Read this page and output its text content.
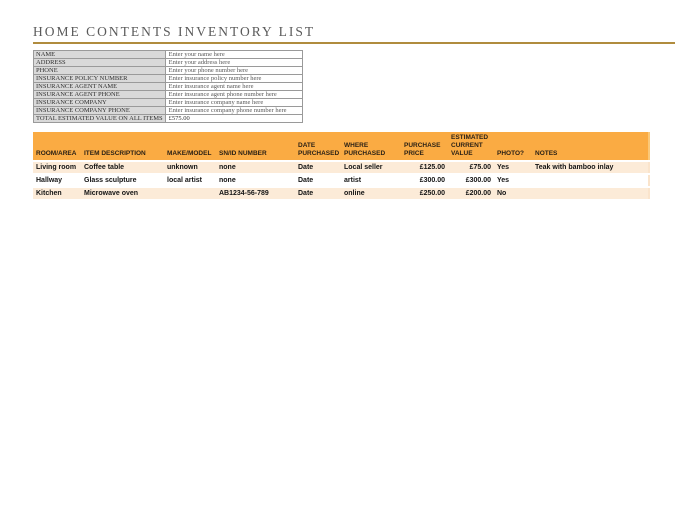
HOME CONTENTS INVENTORY LIST
NAME	Enter your name here
ADDRESS	Enter your address here
PHONE	Enter your phone number here
INSURANCE POLICY NUMBER	Enter insurance policy number here
INSURANCE AGENT NAME	Enter insurance agent name here
INSURANCE AGENT PHONE	Enter insurance agent phone number here
INSURANCE COMPANY	Enter insurance company name here
INSURANCE COMPANY PHONE	Enter insurance company phone number here
TOTAL ESTIMATED VALUE ON ALL ITEMS	£575.00
ROOM/AREA	ITEM DESCRIPTION	MAKE/MODEL	SN/ID NUMBER	DATE PURCHASED	WHERE PURCHASED	PURCHASE PRICE	ESTIMATED CURRENT VALUE	PHOTO?	NOTES
Living room	Coffee table	unknown	none	Date	Local seller	£125.00	£75.00	Yes	Teak with bamboo inlay
Hallway	Glass sculpture	local artist	none	Date	artist	£300.00	£300.00	Yes	
Kitchen	Microwave oven		AB1234-56-789	Date	online	£250.00	£200.00	No	
